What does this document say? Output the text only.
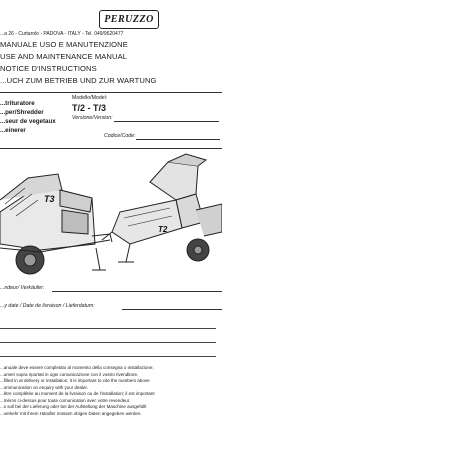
PERUZZO
...a 26 - Curtarolo - PADOVA - ITALY - Tel. 049/9620477
MANUALE USO E MANUTENZIONE
USE AND MAINTENANCE MANUAL
NOTICE D'INSTRUCTIONS
...UCH ZUM BETRIEB UND ZUR WARTUNG
...trituratore
...per/Shredder
...seur de vegetaux
...einerer
Modello/Model:
T/2 - T/3
Versione/Version:
Codice/Code:
T3
T2
...ndeur/ Verkäufer:
...y date / Date de livraison / Lieferdatum:
...anuale deve essere completato al momento della consegna o installazione;
...umeri sopra riportati in ogni comunicazione con il vostro rivenditore.
...filled in at delivery or installation; it is important to cite the numbers above
...ommunication on enquiry with your dealer.
...être complétée au moment de la livraison ou de l'installation; il est important
...méros ci-dessus pour toute comunication avec votre revendeur.
...s soll bei der Lieferung oder bei der Aufstellung der Maschine ausgefüllt
...verkehr mit ihrem Händler müssen obigen Daten angegeben werden.
